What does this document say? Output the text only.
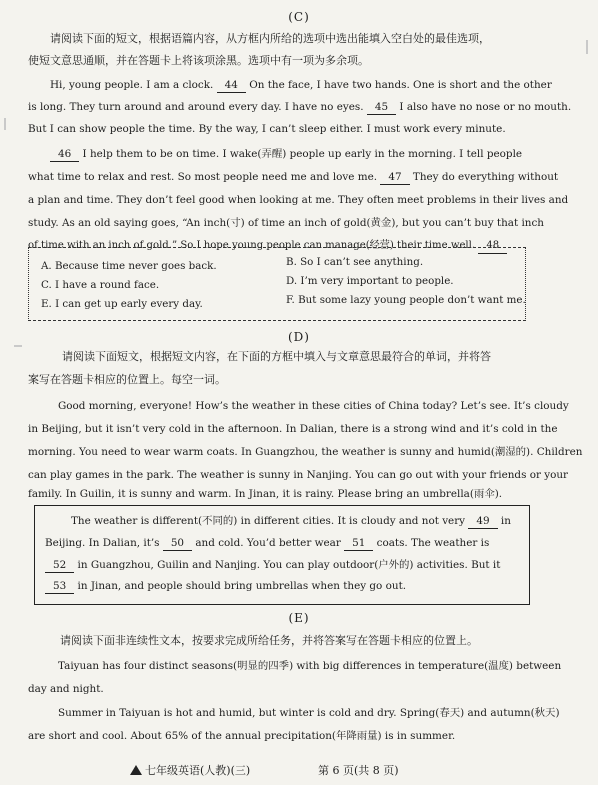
(C)
请阅读下面的短文，根据语篇内容，从方框内所给的选项中选出能填入空白处的最佳选项，
使短文意思通顺，并在答题卡上将该项涂黑。选项中有一项为多余项。
Hi, young people. I am a clock. 44 On the face, I have two hands. One is short and the other
is long. They turn around and around every day. I have no eyes. 45 I also have no nose or no mouth.
But I can show people the time. By the way, I can’t sleep either. I must work every minute.
46 I help them to be on time. I wake(弄醒) people up early in the morning. I tell people
what time to relax and rest. So most people need me and love me. 47 They do everything without
a plan and time. They don’t feel good when looking at me. They often meet problems in their lives and
study. As an old saying goes, “An inch(寸) of time an inch of gold(黄金), but you can’t buy that inch
of time with an inch of gold.” So I hope young people can manage(经营) their time well. 48
A. Because time never goes back.	B. So I can’t see anything.
C. I have a round face.	D. I’m very important to people.
E. I can get up early every day.	F. But some lazy young people don’t want me.
(D)
请阅读下面短文，根据短文内容，在下面的方框中填入与文章意思最符合的单词，并将答
案写在答题卡相应的位置上。每空一词。
Good morning, everyone! How’s the weather in these cities of China today? Let’s see. It’s cloudy
in Beijing, but it isn’t very cold in the afternoon. In Dalian, there is a strong wind and it’s cold in the
morning. You need to wear warm coats. In Guangzhou, the weather is sunny and humid(潮湿的). Children
can play games in the park. The weather is sunny in Nanjing. You can go out with your friends or your
family. In Guilin, it is sunny and warm. In Jinan, it is rainy. Please bring an umbrella(雨伞).
The weather is different(不同的) in different cities. It is cloudy and not very 49 in
Beijing. In Dalian, it’s 50 and cold. You’d better wear 51 coats. The weather is
52 in Guangzhou, Guilin and Nanjing. You can play outdoor(户外的) activities. But it
53 in Jinan, and people should bring umbrellas when they go out.
(E)
请阅读下面非连续性文本，按要求完成所给任务，并将答案写在答题卡相应的位置上。
Taiyuan has four distinct seasons(明显的四季) with big differences in temperature(温度) between
day and night.
Summer in Taiyuan is hot and humid, but winter is cold and dry. Spring(春天) and autumn(秋天)
are short and cool. About 65% of the annual precipitation(年降雨量) is in summer.
七年级英语(人教)(三)	第 6 页(共 8 页)
